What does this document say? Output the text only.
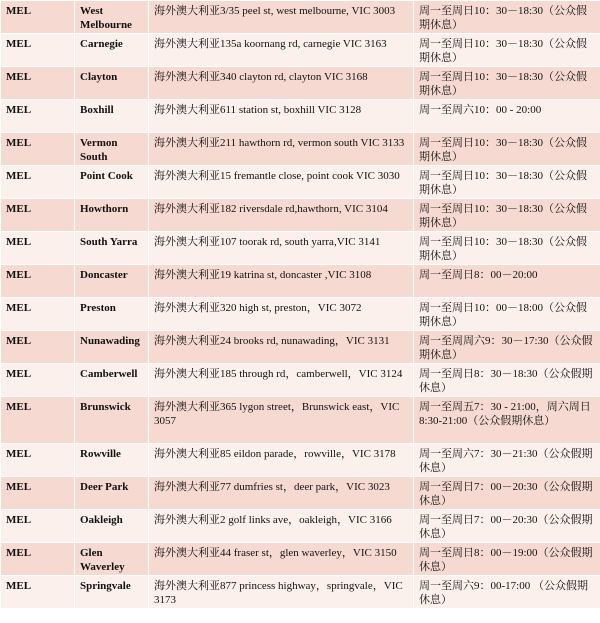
MEL	West Melbourne	海外澳大利亚3/35 peel st, west melbourne, VIC 3003	周一至周日10：30－18:30（公众假期休息）
MEL	Carnegie	海外澳大利亚135a koornang rd, carnegie VIC 3163	周一至周日10：30－18:30（公众假期休息）
MEL	Clayton	海外澳大利亚340 clayton rd, clayton VIC 3168	周一至周日10：30－18:30（公众假期休息）
MEL	Boxhill	海外澳大利亚611 station st, boxhill VIC 3128	周一至周六10：00 - 20:00
MEL	Vermon South	海外澳大利亚211 hawthorn rd, vermon south VIC 3133	周一至周日10：30－18:30（公众假期休息）
MEL	Point Cook	海外澳大利亚15 fremantle close, point cook VIC 3030	周一至周日10：30－18:30（公众假期休息）
MEL	Howthorn	海外澳大利亚182 riversdale rd,hawthorn, VIC 3104	周一至周日10：30－18:30（公众假期休息）
MEL	South Yarra	海外澳大利亚107 toorak rd, south yarra,VIC 3141	周一至周日10：30－18:30（公众假期休息）
MEL	Doncaster	海外澳大利亚19 katrina st, doncaster ,VIC 3108	周一至周日8：00－20:00
MEL	Preston	海外澳大利亚320 high st, preston，VIC 3072	周一至周日10：00－18:00（公众假期休息）
MEL	Nunawading	海外澳大利亚24 brooks rd, nunawading，VIC 3131	周一至周周六9：30－17:30（公众假期休息）
MEL	Camberwell	海外澳大利亚185 through rd，camberwell，VIC 3124	周一至周日8：30－18:30（公众假期休息）
MEL	Brunswick	海外澳大利亚365 lygon street，Brunswick east，VIC 3057	周一至周五7：30 - 21:00，周六周日8:30-21:00（公众假期休息）
MEL	Rowville	海外澳大利亚85 eildon parade，rowville，VIC 3178	周一至周六7：30－21:30（公众假期休息）
MEL	Deer Park	海外澳大利亚77 dumfries st，deer park，VIC 3023	周一至周日7：00－20:30（公众假期休息）
MEL	Oakleigh	海外澳大利亚2 golf links ave，oakleigh，VIC 3166	周一至周日7：00－20:30（公众假期休息）
MEL	Glen Waverley	海外澳大利亚44 fraser st，glen waverley，VIC 3150	周一至周日8：00－19:00（公众假期休息）
MEL	Springvale	海外澳大利亚877 princess highway，springvale，VIC 3173	周一至周六9：00-17:00 （公众假期休息）
